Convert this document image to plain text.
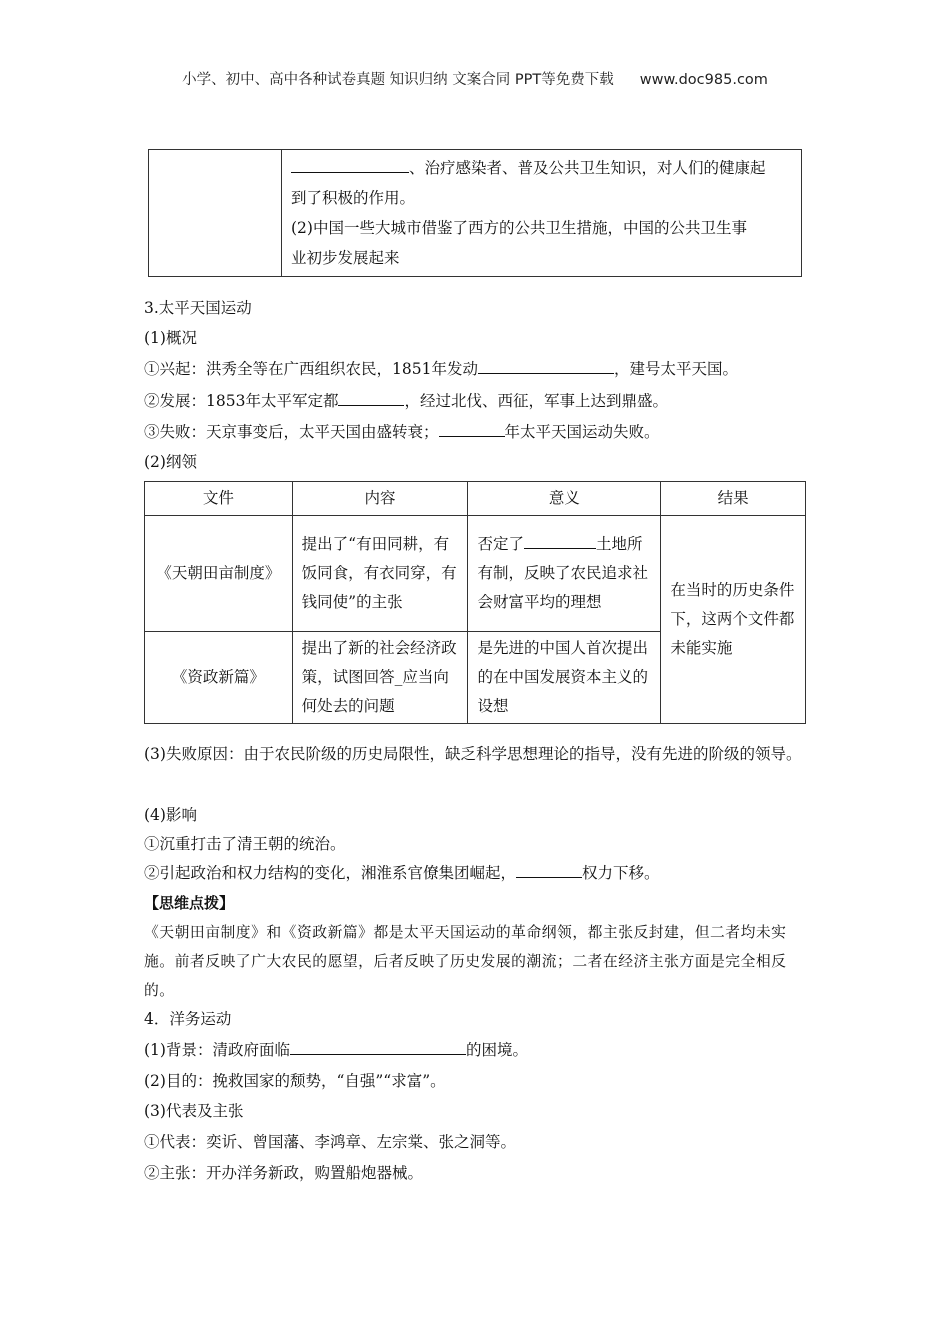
小学、初中、高中各种试卷真题 知识归纳 文案合同 PPT等免费下载 www.doc985.com

、治疗感染者、普及公共卫生知识，对人们的健康起
到了积极的作用。
(2)中国一些大城市借鉴了西方的公共卫生措施，中国的公共卫生事
业初步发展起来
3.太平天国运动
(1)概况
①兴起：洪秀全等在广西组织农民，1851年发动	，建号太平天国。
②发展：1853年太平军定都	，经过北伐、西征，军事上达到鼎盛。
③失败：天京事变后，太平天国由盛转衰；	年太平天国运动失败。
(2)纲领
文件	内容	意义	结果
《天朝田亩制度》	提出了“有田同耕，有饭同食，有衣同穿，有钱同使”的主张	否定了 土地所有制，反映了农民追求社会财富平均的理想	在当时的历史条件下，这两个文件都未能实施
《资政新篇》	提出了新的社会经济政策，试图回答_应当向何处去的问题	是先进的中国人首次提出的在中国发展资本主义的设想	
(3)失败原因：由于农民阶级的历史局限性，缺乏科学思想理论的指导，没有先进的阶级的领导。
(4)影响
①沉重打击了清王朝的统治。
②引起政治和权力结构的变化，湘淮系官僚集团崛起，	权力下移。
【思维点拨】
《天朝田亩制度》和《资政新篇》都是太平天国运动的革命纲领，都主张反封建，但二者均未实施。前者反映了广大农民的愿望，后者反映了历史发展的潮流；二者在经济主张方面是完全相反的。
4．洋务运动
(1)背景：清政府面临	的困境。
(2)目的：挽救国家的颓势，“自强”“求富”。
(3)代表及主张
①代表：奕䜣、曾国藩、李鸿章、左宗棠、张之洞等。
②主张：开办洋务新政，购置船炮器械。
